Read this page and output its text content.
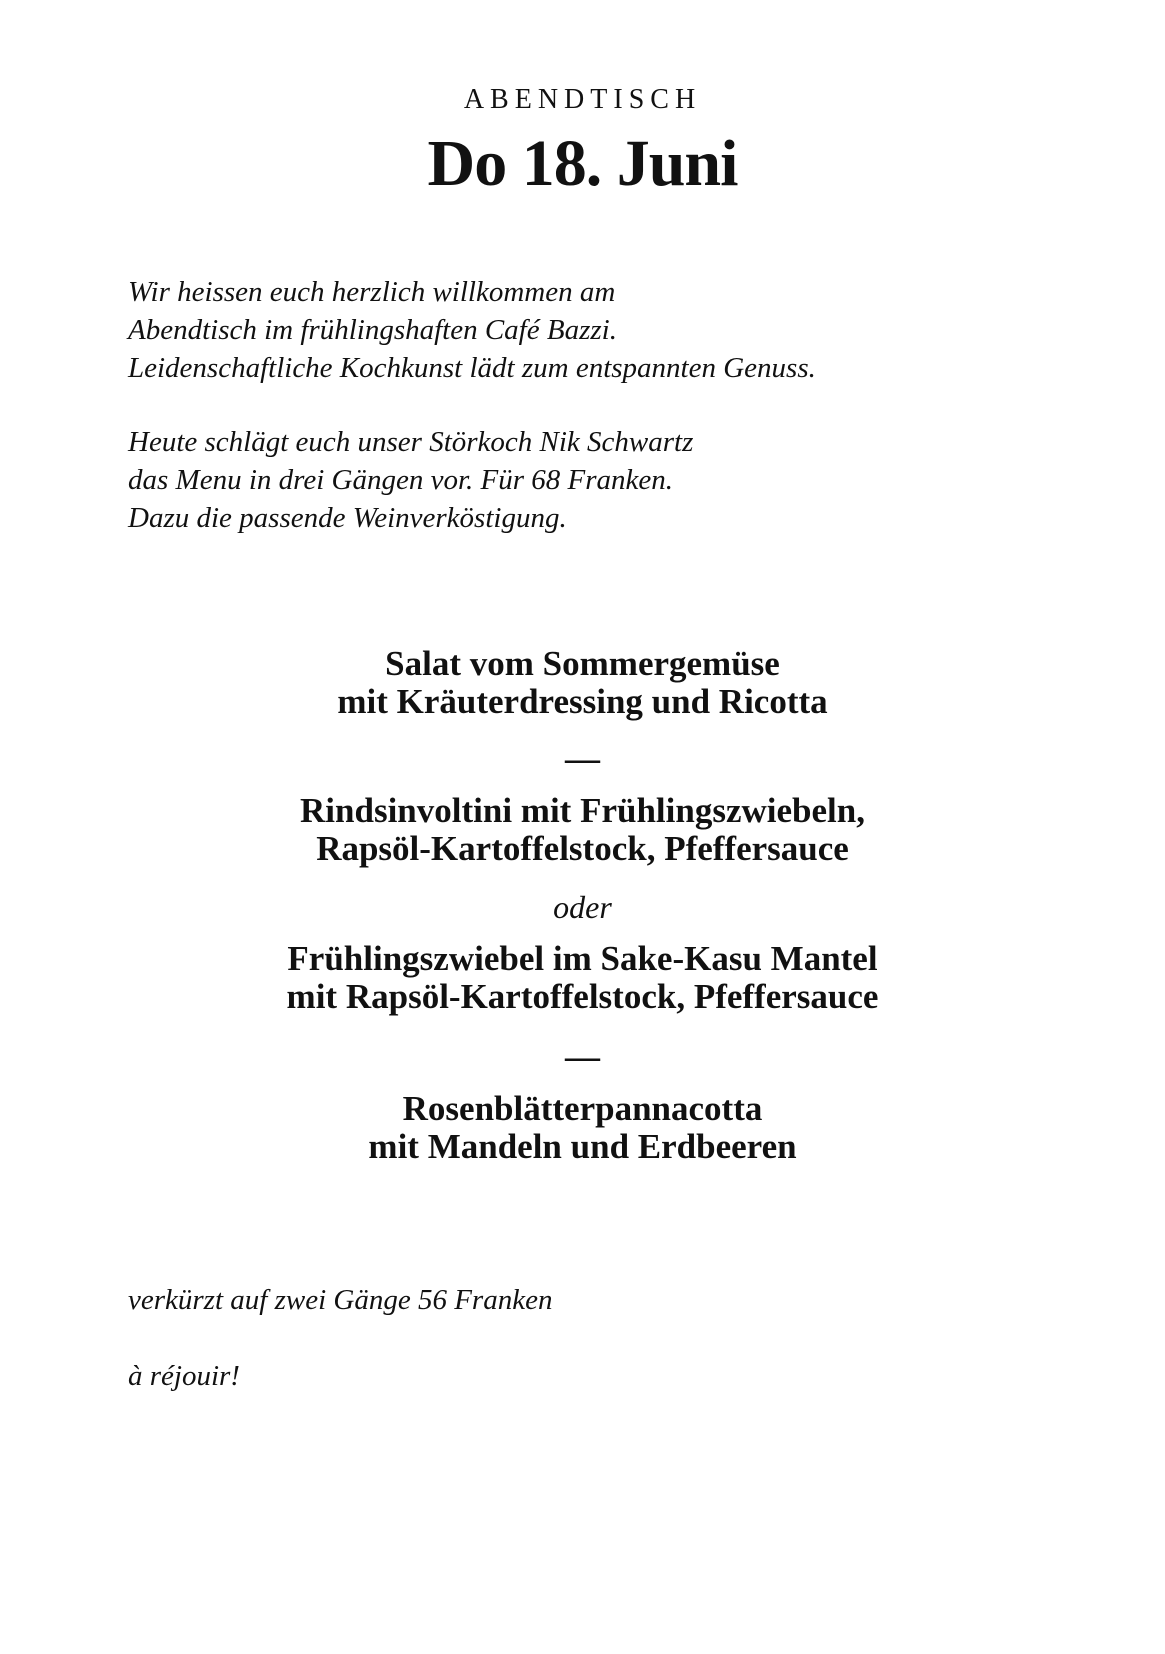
ABENDTISCH
Do 18. Juni
Wir heissen euch herzlich willkommen am
Abendtisch im frühlingshaften Café Bazzi.
Leidenschaftliche Kochkunst lädt zum entspannten Genuss.
Heute schlägt euch unser Störkoch Nik Schwartz
das Menu in drei Gängen vor. Für 68 Franken.
Dazu die passende Weinverköstigung.
Salat vom Sommergemüse
mit Kräuterdressing und Ricotta
—
Rindsinvoltini mit Frühlingszwiebeln,
Rapsöl-Kartoffelstock, Pfeffersauce
oder
Frühlingszwiebel im Sake-Kasu Mantel
mit Rapsöl-Kartoffelstock, Pfeffersauce
—
Rosenblätterpannacotta
mit Mandeln und Erdbeeren
verkürzt auf zwei Gänge 56 Franken
à réjouir!
